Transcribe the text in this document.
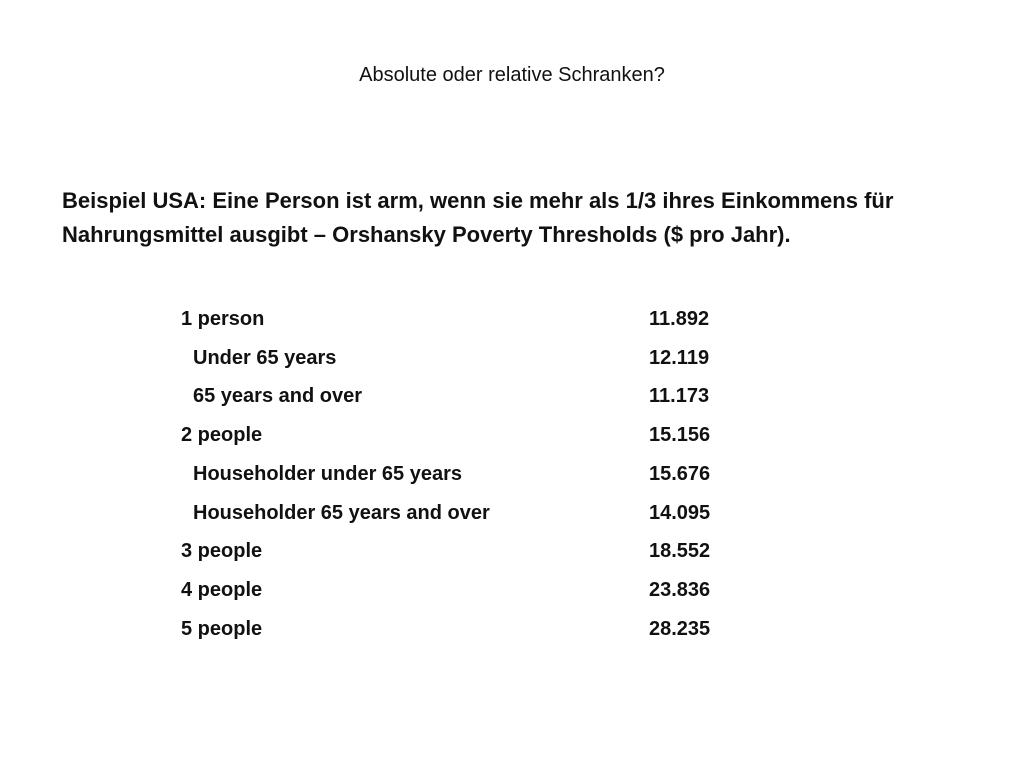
Absolute oder relative Schranken?

Beispiel USA: Eine Person ist arm, wenn sie mehr als 1/3 ihres Einkommens für Nahrungsmittel ausgibt – Orshansky Poverty Thresholds ($ pro Jahr).

1 person	11.892
Under 65 years	12.119
65 years and over	11.173
2 people	15.156
Householder under 65 years	15.676
Householder 65 years and over	14.095
3 people	18.552
4 people	23.836
5 people	28.235
